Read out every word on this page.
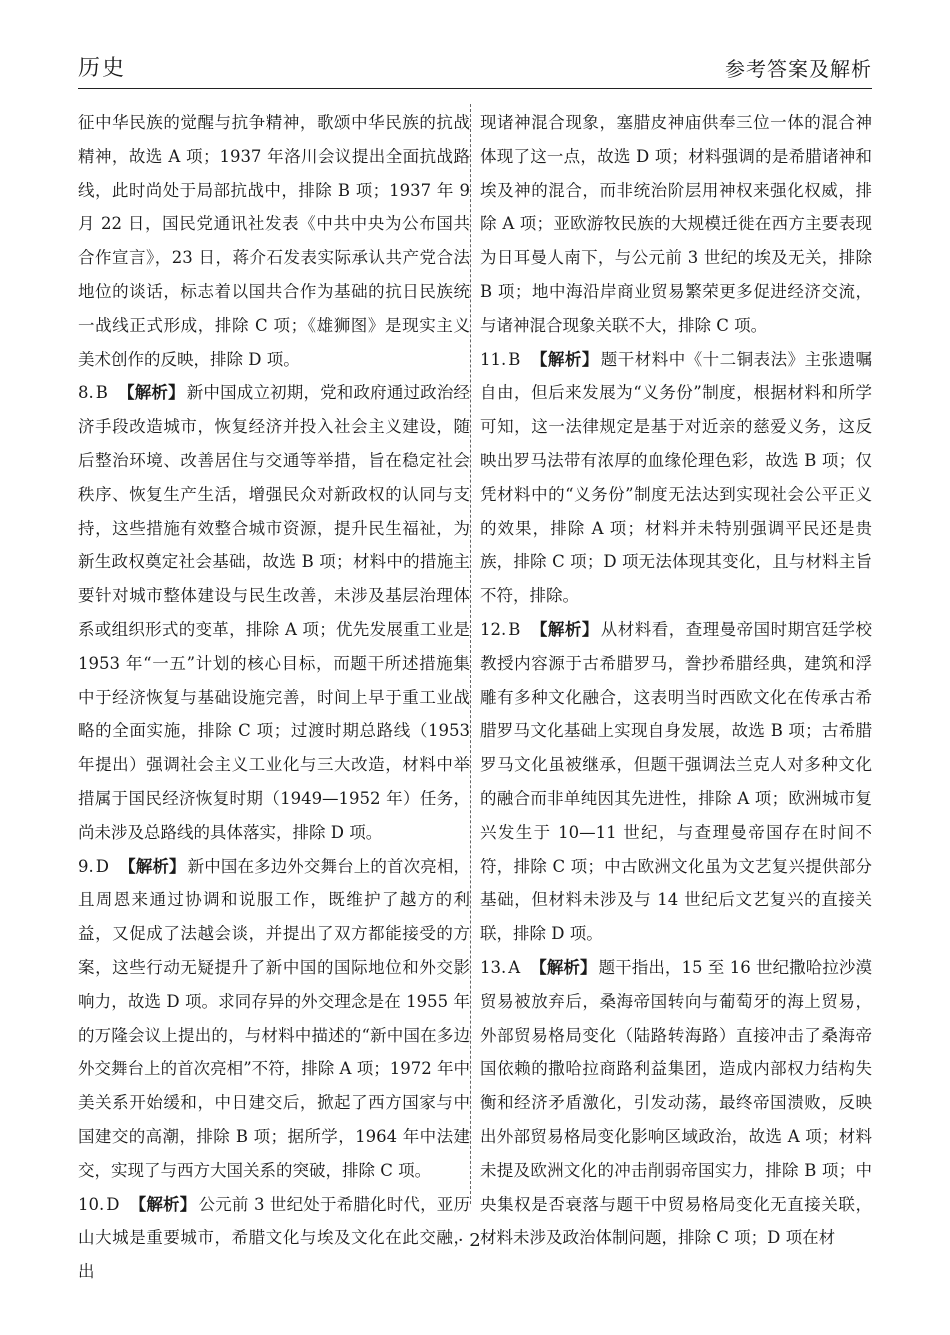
历史	参考答案及解析

征中华民族的觉醒与抗争精神，歌颂中华民族的抗战精神，故选 A 项；1937 年洛川会议提出全面抗战路线，此时尚处于局部抗战中，排除 B 项；1937 年 9 月 22 日，国民党通讯社发表《中共中央为公布国共合作宣言》，23 日，蒋介石发表实际承认共产党合法地位的谈话，标志着以国共合作为基础的抗日民族统一战线正式形成，排除 C 项；《雄狮图》是现实主义美术创作的反映，排除 D 项。

8. B 【解析】 新中国成立初期，党和政府通过政治经济手段改造城市，恢复经济并投入社会主义建设，随后整治环境、改善居住与交通等举措，旨在稳定社会秩序、恢复生产生活，增强民众对新政权的认同与支持，这些措施有效整合城市资源，提升民生福祉，为新生政权奠定社会基础，故选 B 项；材料中的措施主要针对城市整体建设与民生改善，未涉及基层治理体系或组织形式的变革，排除 A 项；优先发展重工业是 1953 年“一五”计划的核心目标，而题干所述措施集中于经济恢复与基础设施完善，时间上早于重工业战略的全面实施，排除 C 项；过渡时期总路线（1953 年提出）强调社会主义工业化与三大改造，材料中举措属于国民经济恢复时期（1949—1952 年）任务，尚未涉及总路线的具体落实，排除 D 项。

9. D 【解析】 新中国在多边外交舞台上的首次亮相，且周恩来通过协调和说服工作，既维护了越方的利益，又促成了法越会谈，并提出了双方都能接受的方案，这些行动无疑提升了新中国的国际地位和外交影响力，故选 D 项。求同存异的外交理念是在 1955 年的万隆会议上提出的，与材料中描述的“新中国在多边外交舞台上的首次亮相”不符，排除 A 项；1972 年中美关系开始缓和，中日建交后，掀起了西方国家与中国建交的高潮，排除 B 项；据所学，1964 年中法建交，实现了与西方大国关系的突破，排除 C 项。

10. D 【解析】 公元前 3 世纪处于希腊化时代，亚历山大城是重要城市，希腊文化与埃及文化在此交融，出

现诸神混合现象，塞腊皮神庙供奉三位一体的混合神体现了这一点，故选 D 项；材料强调的是希腊诸神和埃及神的混合，而非统治阶层用神权来强化权威，排除 A 项；亚欧游牧民族的大规模迁徙在西方主要表现为日耳曼人南下，与公元前 3 世纪的埃及无关，排除 B 项；地中海沿岸商业贸易繁荣更多促进经济交流，与诸神混合现象关联不大，排除 C 项。

11. B 【解析】 题干材料中《十二铜表法》主张遗嘱自由，但后来发展为“义务份”制度，根据材料和所学可知，这一法律规定是基于对近亲的慈爱义务，这反映出罗马法带有浓厚的血缘伦理色彩，故选 B 项；仅凭材料中的“义务份”制度无法达到实现社会公平正义的效果，排除 A 项；材料并未特别强调平民还是贵族，排除 C 项；D 项无法体现其变化，且与材料主旨不符，排除。

12. B 【解析】 从材料看，查理曼帝国时期宫廷学校教授内容源于古希腊罗马，誊抄希腊经典，建筑和浮雕有多种文化融合，这表明当时西欧文化在传承古希腊罗马文化基础上实现自身发展，故选 B 项；古希腊罗马文化虽被继承，但题干强调法兰克人对多种文化的融合而非单纯因其先进性，排除 A 项；欧洲城市复兴发生于 10—11 世纪，与查理曼帝国存在时间不符，排除 C 项；中古欧洲文化虽为文艺复兴提供部分基础，但材料未涉及与 14 世纪后文艺复兴的直接关联，排除 D 项。

13. A 【解析】 题干指出，15 至 16 世纪撒哈拉沙漠贸易被放弃后，桑海帝国转向与葡萄牙的海上贸易，外部贸易格局变化（陆路转海路）直接冲击了桑海帝国依赖的撒哈拉商路利益集团，造成内部权力结构失衡和经济矛盾激化，引发动荡，最终帝国溃败，反映出外部贸易格局变化影响区域政治，故选 A 项；材料未提及欧洲文化的冲击削弱帝国实力，排除 B 项；中央集权是否衰落与题干中贸易格局变化无直接关联，材料未涉及政治体制问题，排除 C 项；D 项在材

· 2 ·
